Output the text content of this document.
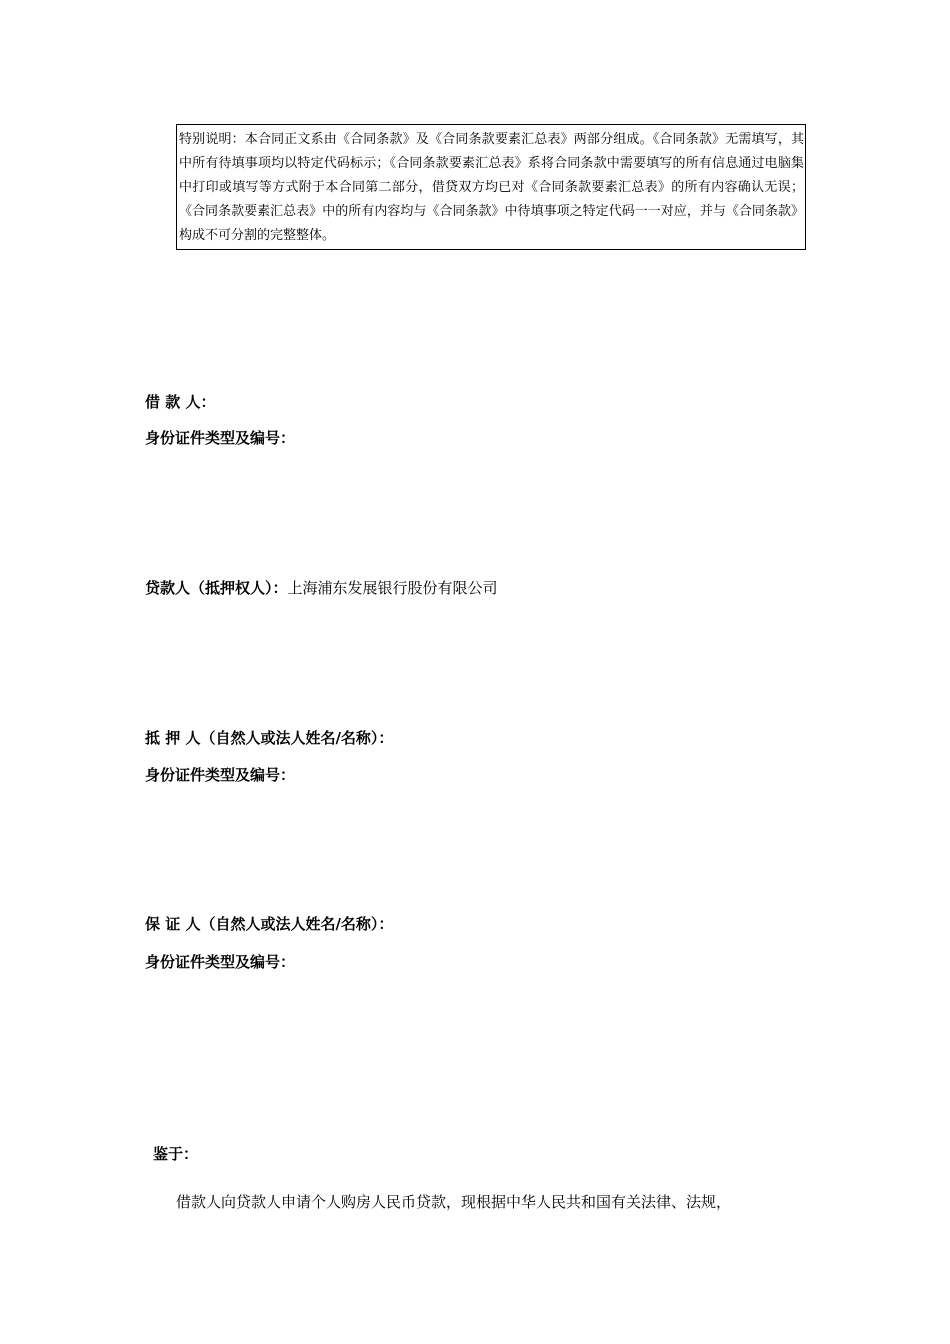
特别说明：本合同正文系由《合同条款》及《合同条款要素汇总表》两部分组成。《合同条款》无需填写，其中所有待填事项均以特定代码标示；《合同条款要素汇总表》系将合同条款中需要填写的所有信息通过电脑集中打印或填写等方式附于本合同第二部分，借贷双方均已对《合同条款要素汇总表》的所有内容确认无误；《合同条款要素汇总表》中的所有内容均与《合同条款》中待填事项之特定代码一一对应，并与《合同条款》构成不可分割的完整整体。
借 款 人：
身份证件类型及编号：
贷款人（抵押权人）：上海浦东发展银行股份有限公司
抵 押 人（自然人或法人姓名/名称）：
身份证件类型及编号：
保 证 人（自然人或法人姓名/名称）：
身份证件类型及编号：
鉴于：
借款人向贷款人申请个人购房人民币贷款，现根据中华人民共和国有关法律、法规，
